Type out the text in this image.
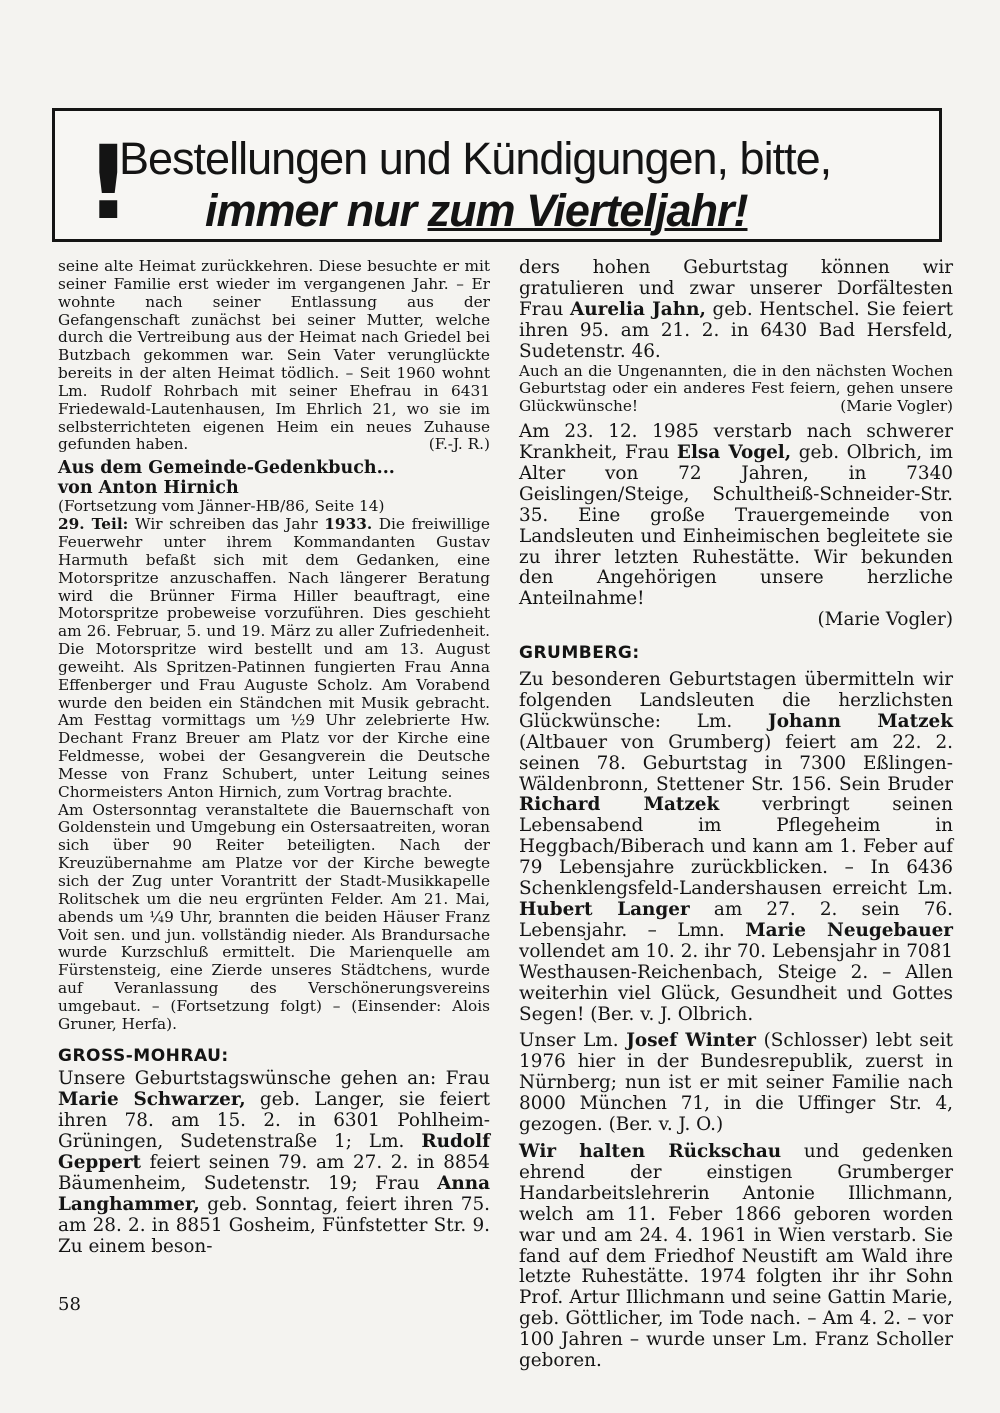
!
Bestellungen und Kündigungen, bitte,
immer nur zum Vierteljahr!

seine alte Heimat zurückkehren. Diese besuchte er mit seiner Familie erst wieder im vergangenen Jahr. – Er wohnte nach seiner Entlassung aus der Gefangenschaft zunächst bei seiner Mutter, welche durch die Vertreibung aus der Heimat nach Griedel bei Butzbach gekommen war. Sein Vater verunglückte bereits in der alten Heimat tödlich. – Seit 1960 wohnt Lm. Rudolf Rohrbach mit seiner Ehefrau in 6431 Friedewald-Lautenhausen, Im Ehrlich 21, wo sie im selbsterrichteten eigenen Heim ein neues Zuhause gefunden haben.	(F.-J. R.)

Aus dem Gemeinde-Gedenkbuch...

von Anton Hirnich

(Fortsetzung vom Jänner-HB/86, Seite 14)

29. Teil: Wir schreiben das Jahr 1933. Die freiwillige Feuerwehr unter ihrem Kommandanten Gustav Harmuth befaßt sich mit dem Gedanken, eine Motorspritze anzuschaffen. Nach längerer Beratung wird die Brünner Firma Hiller beauftragt, eine Motorspritze probeweise vorzuführen. Dies geschieht am 26. Februar, 5. und 19. März zu aller Zufriedenheit. Die Motorspritze wird bestellt und am 13. August geweiht. Als Spritzen-Patinnen fungierten Frau Anna Effenberger und Frau Auguste Scholz. Am Vorabend wurde den beiden ein Ständchen mit Musik gebracht. Am Festtag vormittags um ½9 Uhr zelebrierte Hw. Dechant Franz Breuer am Platz vor der Kirche eine Feldmesse, wobei der Gesangverein die Deutsche Messe von Franz Schubert, unter Leitung seines Chormeisters Anton Hirnich, zum Vortrag brachte.

Am Ostersonntag veranstaltete die Bauernschaft von Goldenstein und Umgebung ein Ostersaatreiten, woran sich über 90 Reiter beteiligten. Nach der Kreuzübernahme am Platze vor der Kirche bewegte sich der Zug unter Vorantritt der Stadt-Musikkapelle Rolitschek um die neu ergrünten Felder. Am 21. Mai, abends um ¼9 Uhr, brannten die beiden Häuser Franz Voit sen. und jun. vollständig nieder. Als Brandursache wurde Kurzschluß ermittelt. Die Marienquelle am Fürstensteig, eine Zierde unseres Städtchens, wurde auf Veranlassung des Verschönerungsvereins umgebaut. – (Fortsetzung folgt) – (Einsender: Alois Gruner, Herfa).

GROSS-MOHRAU:

Unsere Geburtstagswünsche gehen an: Frau Marie Schwarzer, geb. Langer, sie feiert ihren 78. am 15. 2. in 6301 Pohlheim-Grüningen, Sudetenstraße 1; Lm. Rudolf Geppert feiert seinen 79. am 27. 2. in 8854 Bäumenheim, Sudetenstr. 19; Frau Anna Langhammer, geb. Sonntag, feiert ihren 75. am 28. 2. in 8851 Gosheim, Fünfstetter Str. 9. Zu einem beson-

ders hohen Geburtstag können wir gratulieren und zwar unserer Dorfältesten Frau Aurelia Jahn, geb. Hentschel. Sie feiert ihren 95. am 21. 2. in 6430 Bad Hersfeld, Sudetenstr. 46.

Auch an die Ungenannten, die in den nächsten Wochen Geburtstag oder ein anderes Fest feiern, gehen unsere Glückwünsche!	(Marie Vogler)

Am 23. 12. 1985 verstarb nach schwerer Krankheit, Frau Elsa Vogel, geb. Olbrich, im Alter von 72 Jahren, in 7340 Geislingen/Steige, Schultheiß-Schneider-Str. 35. Eine große Trauergemeinde von Landsleuten und Einheimischen begleitete sie zu ihrer letzten Ruhestätte. Wir bekunden den Angehörigen unsere herzliche Anteilnahme!

(Marie Vogler)

GRUMBERG:

Zu besonderen Geburtstagen übermitteln wir folgenden Landsleuten die herzlichsten Glückwünsche: Lm. Johann Matzek (Altbauer von Grumberg) feiert am 22. 2. seinen 78. Geburtstag in 7300 Eßlingen-Wäldenbronn, Stettener Str. 156. Sein Bruder Richard Matzek verbringt seinen Lebensabend im Pflegeheim in Heggbach/Biberach und kann am 1. Feber auf 79 Lebensjahre zurückblicken. – In 6436 Schenklengsfeld-Landershausen erreicht Lm. Hubert Langer am 27. 2. sein 76. Lebensjahr. – Lmn. Marie Neugebauer vollendet am 10. 2. ihr 70. Lebensjahr in 7081 Westhausen-Reichenbach, Steige 2. – Allen weiterhin viel Glück, Gesundheit und Gottes Segen! (Ber. v. J. Olbrich.

Unser Lm. Josef Winter (Schlosser) lebt seit 1976 hier in der Bundesrepublik, zuerst in Nürnberg; nun ist er mit seiner Familie nach 8000 München 71, in die Uffinger Str. 4, gezogen. (Ber. v. J. O.)

Wir halten Rückschau und gedenken ehrend der einstigen Grumberger Handarbeitslehrerin Antonie Illichmann, welch am 11. Feber 1866 geboren worden war und am 24. 4. 1961 in Wien verstarb. Sie fand auf dem Friedhof Neustift am Wald ihre letzte Ruhestätte. 1974 folgten ihr ihr Sohn Prof. Artur Illichmann und seine Gattin Marie, geb. Göttlicher, im Tode nach. – Am 4. 2. – vor 100 Jahren – wurde unser Lm. Franz Scholler geboren.

58
